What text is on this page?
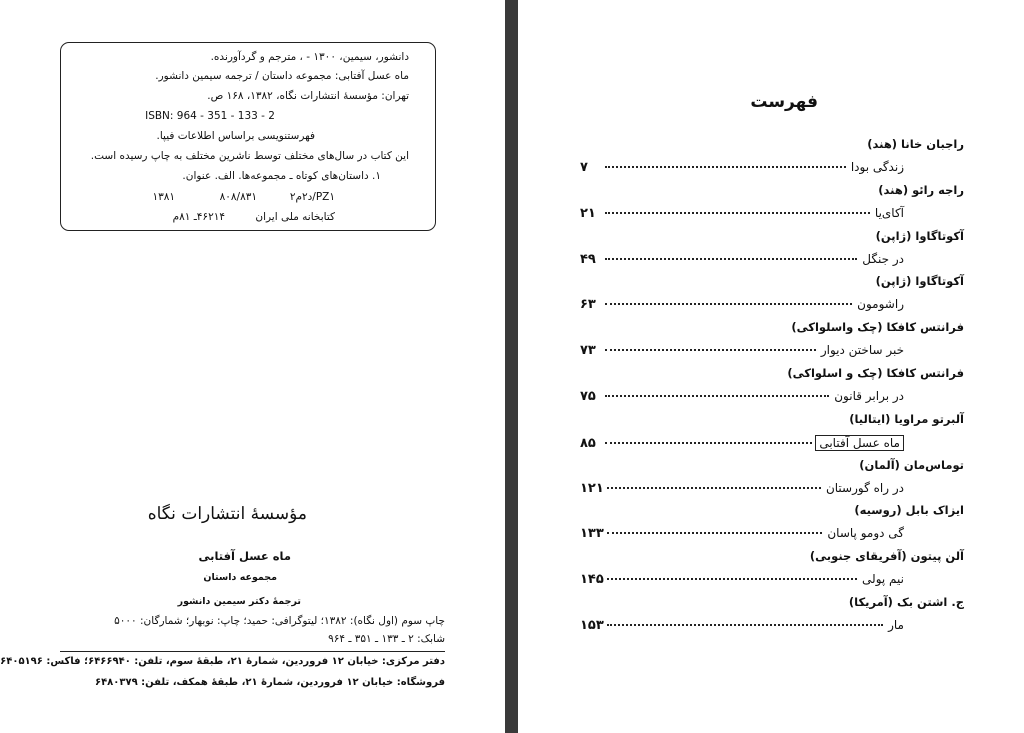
دانشور، سیمین، ۱۳۰۰ - ، مترجم و گردآورنده.
ماه عسل آفتابی: مجموعه داستان / ترجمه سیمین دانشور.
تهران: مؤسسهٔ انتشارات نگاه، ۱۳۸۲، ۱۶۸ ص.
ISBN: 964 - 351 - 133 - 2
فهرستنویسی براساس اطلاعات فیپا.
این کتاب در سال‌های مختلف توسط ناشرین مختلف به چاپ رسیده است.
۱. داستان‌های کوتاه ـ مجموعه‌ها. الف. عنوان.
PZ۱/د۲م۲
۸۰۸/۸۳۱
۱۳۸۱
کتابخانه ملی ایران
۴۶۲۱۴ـ ۸۱م
مؤسسهٔ انتشارات نگاه
ماه عسل آفتابی
مجموعه داستان
ترجمهٔ دکتر سیمین دانشور
چاپ سوم (اول نگاه): ۱۳۸۲؛ لیتوگرافی: حمید؛ چاپ: نوبهار؛ شمارگان: ۵۰۰۰
شابک: ۲ ـ ۱۳۳ ـ ۳۵۱ ـ ۹۶۴
دفتر مرکزی: خیابان ۱۲ فروردین، شمارهٔ ۲۱، طبقهٔ سوم، تلفن: ۶۴۶۶۹۴۰؛ فاکس: ۶۴۰۵۱۹۶
فروشگاه: خیابان ۱۲ فروردین، شمارهٔ ۲۱، طبقهٔ همکف، تلفن: ۶۴۸۰۳۷۹
فهرست
راجبان خانا (هند)
زندگی بودا
۷
راجه رائو (هند)
آکای‌یا
۲۱
آکوتاگاوا (ژاپن)
در جنگل
۴۹
آکوتاگاوا (ژاپن)
راشومون
۶۳
فرانتس کافکا (چک واسلواکی)
خبر ساختن دیوار
۷۳
فرانتس کافکا (چک و اسلواکی)
در برابر قانون
۷۵
آلبرتو مراویا (ایتالیا)
ماه عسل آفتابی
۸۵
توماس‌مان (آلمان)
در راه گورستان
۱۲۱
ایزاک بابل (روسیه)
گی دومو پاسان
۱۳۳
آلن پیتون (آفریقای جنوبی)
نیم پولی
۱۴۵
ج. اشتن بک (آمریکا)
مار
۱۵۳
